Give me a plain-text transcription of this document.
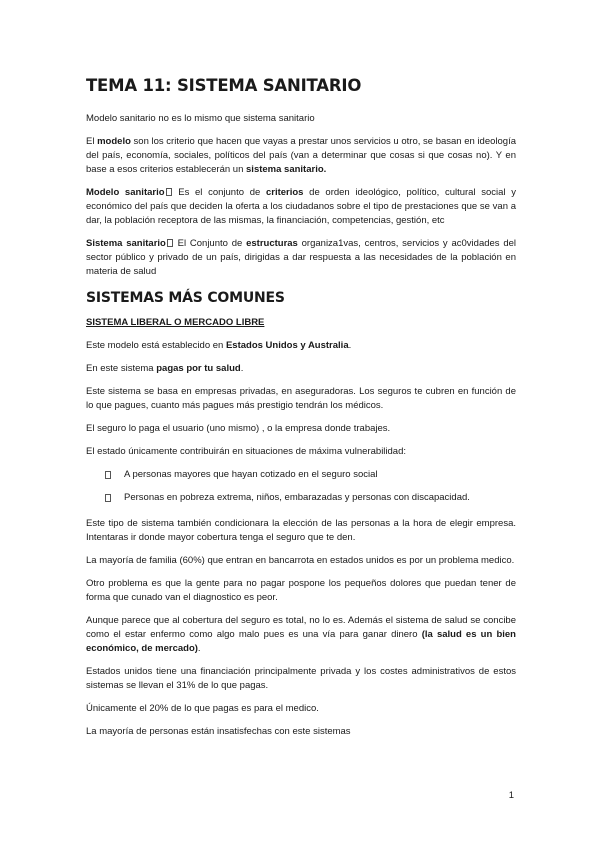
TEMA 11: SISTEMA SANITARIO

Modelo sanitario no es lo mismo que sistema sanitario

El modelo son los criterio que hacen que vayas a prestar unos servicios u otro, se basan en ideología del país, economía, sociales, políticos del país (van a determinar que cosas si que cosas no). Y en base a esos criterios establecerán un sistema sanitario.

Modelo sanitario Es el conjunto de criterios de orden ideológico, político, cultural social y económico del país que deciden la oferta a los ciudadanos sobre el tipo de prestaciones que se van a dar, la población receptora de las mismas, la financiación, competencias, gestión, etc

Sistema sanitario El Conjunto de estructuras organiza1vas, centros, servicios y ac0vidades del sector público y privado de un país, dirigidas a dar respuesta a las necesidades de la población en materia de salud

SISTEMAS MÁS COMUNES
SISTEMA LIBERAL O MERCADO LIBRE

Este modelo está establecido en Estados Unidos y Australia.

En este sistema pagas por tu salud.

Este sistema se basa en empresas privadas, en aseguradoras. Los seguros te cubren en función de lo que pagues, cuanto más pagues más prestigio tendrán los médicos.

El seguro lo paga el usuario (uno mismo) , o la empresa donde trabajes.

El estado únicamente contribuirán en situaciones de máxima vulnerabilidad:

A personas mayores que hayan cotizado en el seguro social
Personas en pobreza extrema, niños, embarazadas y personas con discapacidad.

Este tipo de sistema también condicionara la elección de las personas a la hora de elegir empresa. Intentaras ir donde mayor cobertura tenga el seguro que te den.

La mayoría de familia (60%) que entran en bancarrota en estados unidos es por un problema medico.

Otro problema es que la gente para no pagar pospone los pequeños dolores que puedan tener de forma que cunado van el diagnostico es peor.

Aunque parece que al cobertura del seguro es total, no lo es. Además el sistema de salud se concibe como el estar enfermo como algo malo pues es una vía para ganar dinero (la salud es un bien económico, de mercado).

Estados unidos tiene una financiación principalmente privada y los costes administrativos de estos sistemas se llevan el 31% de lo que pagas.

Únicamente el 20% de lo que pagas es para el medico.

La mayoría de personas están insatisfechas con este sistemas

1
